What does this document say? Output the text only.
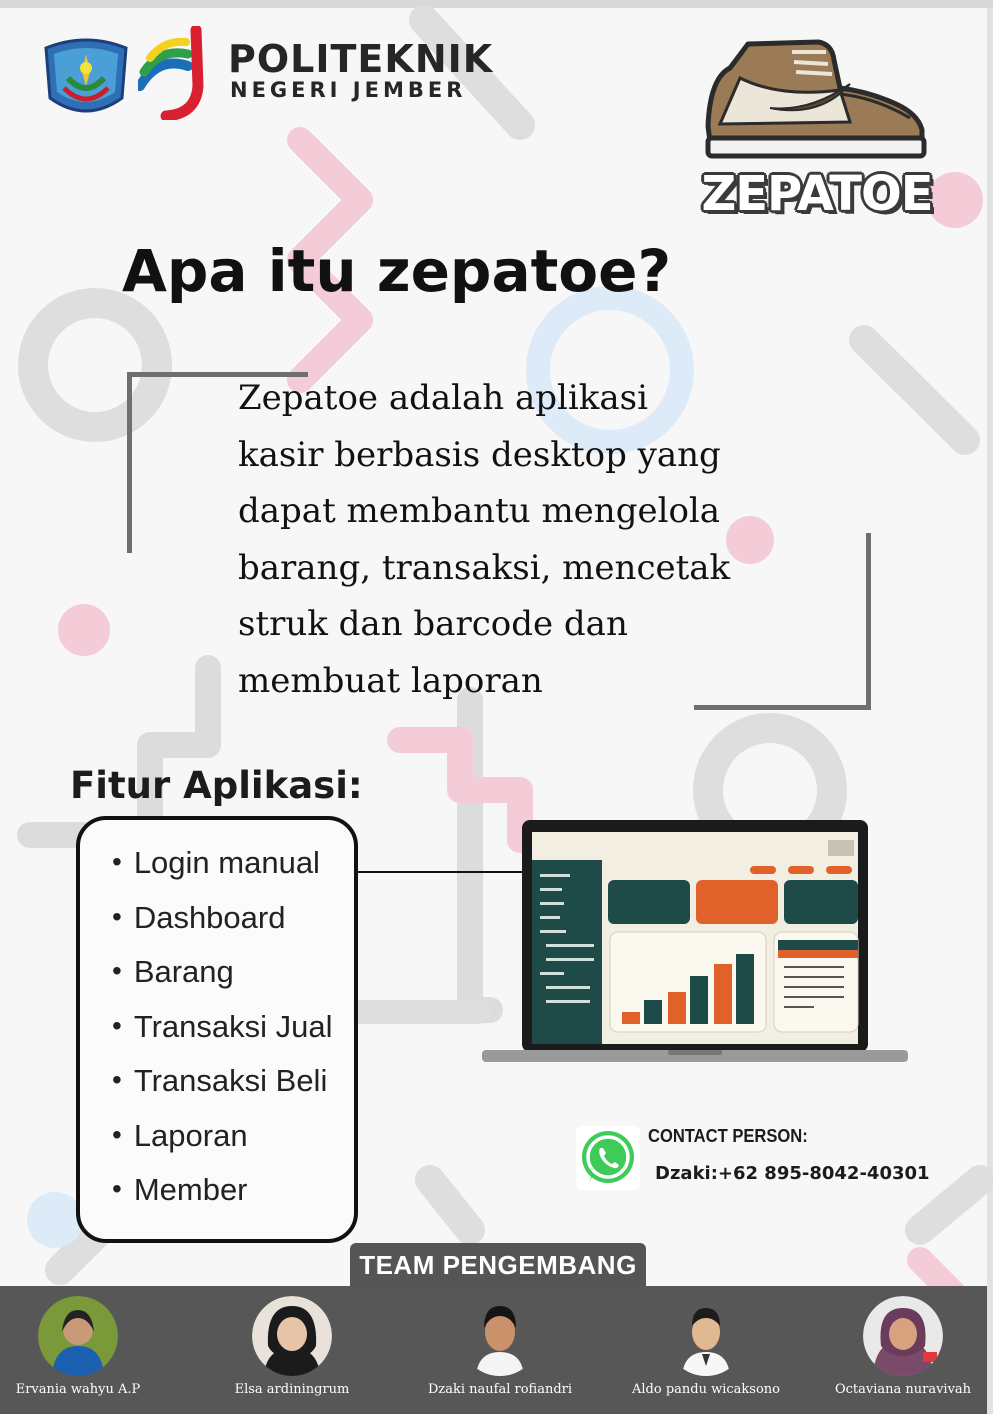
POLITEKNIK
NEGERI JEMBER
ZEPATOE
Apa itu zepatoe?
Zepatoe adalah aplikasi
kasir berbasis desktop yang
dapat membantu mengelola
barang, transaksi, mencetak
struk dan barcode dan
membuat laporan
Fitur Aplikasi:
• Login manual
• Dashboard
• Barang
• Transaksi Jual
• Transaksi Beli
• Laporan
• Member
CONTACT PERSON:
Dzaki:+62 895-8042-40301
TEAM PENGEMBANG
Ervania wahyu A.P	Elsa ardiningrum	Dzaki naufal rofiandri	Aldo pandu wicaksono	Octaviana nuravivah
